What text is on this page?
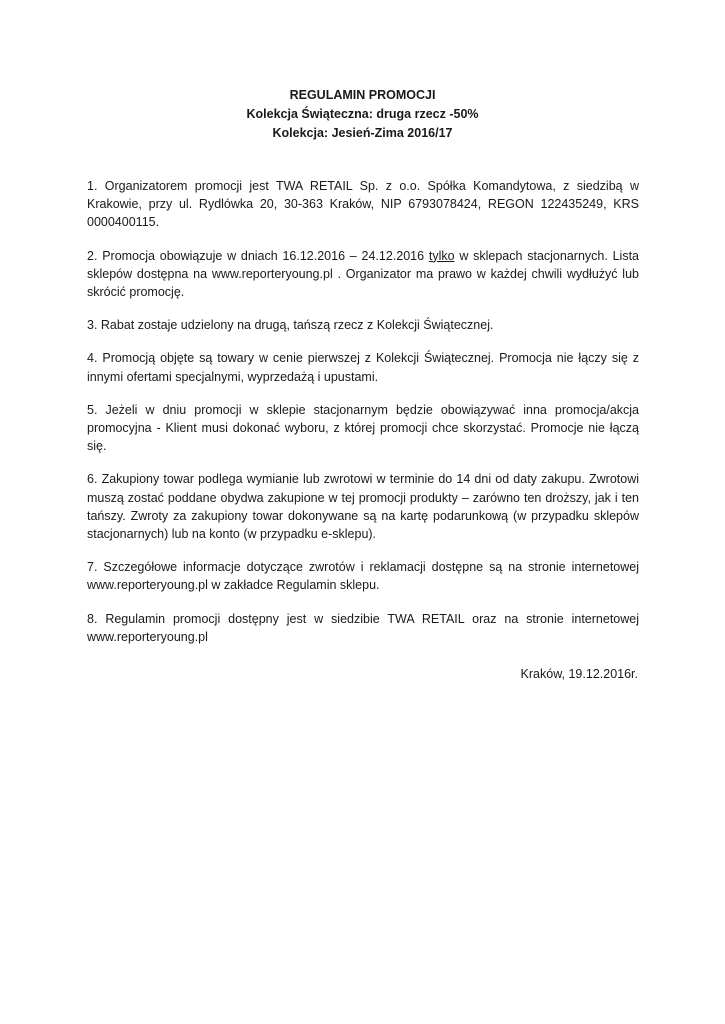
REGULAMIN PROMOCJI
Kolekcja Świąteczna: druga rzecz -50%
Kolekcja: Jesień-Zima 2016/17

1. Organizatorem promocji jest TWA RETAIL Sp. z o.o. Spółka Komandytowa, z siedzibą w Krakowie, przy ul. Rydlówka 20, 30-363 Kraków, NIP 6793078424, REGON 122435249, KRS 0000400115.

2. Promocja obowiązuje w dniach 16.12.2016 – 24.12.2016 tylko w sklepach stacjonarnych. Lista sklepów dostępna na www.reporteryoung.pl . Organizator ma prawo w każdej chwili wydłużyć lub skrócić promocję.

3. Rabat zostaje udzielony na drugą, tańszą rzecz z Kolekcji Świątecznej.

4. Promocją objęte są towary w cenie pierwszej z Kolekcji Świątecznej. Promocja nie łączy się z innymi ofertami specjalnymi, wyprzedażą i upustami.

5. Jeżeli w dniu promocji w sklepie stacjonarnym będzie obowiązywać inna promocja/akcja promocyjna - Klient musi dokonać wyboru, z której promocji chce skorzystać. Promocje nie łączą się.

6. Zakupiony towar podlega wymianie lub zwrotowi w terminie do 14 dni od daty zakupu. Zwrotowi muszą zostać poddane obydwa zakupione w tej promocji produkty – zarówno ten droższy, jak i ten tańszy. Zwroty za zakupiony towar dokonywane są na kartę podarunkową (w przypadku sklepów stacjonarnych) lub na konto (w przypadku e-sklepu).

7. Szczegółowe informacje dotyczące zwrotów i reklamacji dostępne są na stronie internetowej www.reporteryoung.pl w zakładce Regulamin sklepu.

8. Regulamin promocji dostępny jest w siedzibie TWA RETAIL oraz na stronie internetowej www.reporteryoung.pl

Kraków, 19.12.2016r.
